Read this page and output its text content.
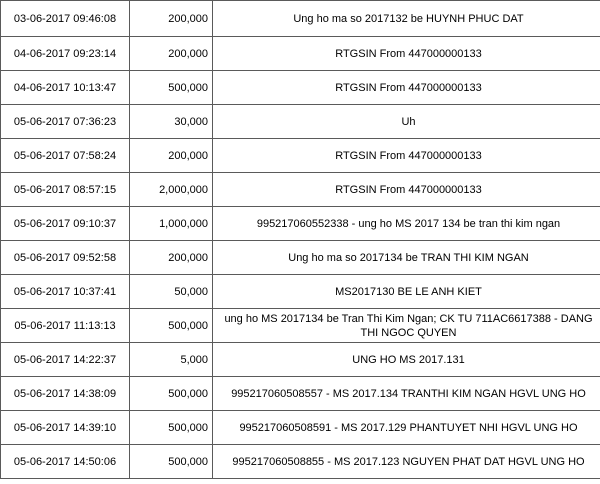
03-06-2017 09:46:08	200,000	Ung ho ma so 2017132 be HUYNH PHUC DAT
04-06-2017 09:23:14	200,000	RTGSIN From 447000000133
04-06-2017 10:13:47	500,000	RTGSIN From 447000000133
05-06-2017 07:36:23	30,000	Uh
05-06-2017 07:58:24	200,000	RTGSIN From 447000000133
05-06-2017 08:57:15	2,000,000	RTGSIN From 447000000133
05-06-2017 09:10:37	1,000,000	995217060552338 - ung ho MS 2017 134 be tran thi kim ngan
05-06-2017 09:52:58	200,000	Ung ho ma so 2017134 be TRAN THI KIM NGAN
05-06-2017 10:37:41	50,000	MS2017130 BE LE ANH KIET
05-06-2017 11:13:13	500,000	ung ho MS 2017134 be Tran Thi Kim Ngan; CK TU 711AC6617388 - DANG THI NGOC QUYEN
05-06-2017 14:22:37	5,000	UNG HO MS 2017.131
05-06-2017 14:38:09	500,000	995217060508557 - MS 2017.134 TRANTHI KIM NGAN HGVL UNG HO
05-06-2017 14:39:10	500,000	995217060508591 - MS 2017.129 PHANTUYET NHI HGVL UNG HO
05-06-2017 14:50:06	500,000	995217060508855 - MS 2017.123 NGUYEN PHAT DAT HGVL UNG HO
